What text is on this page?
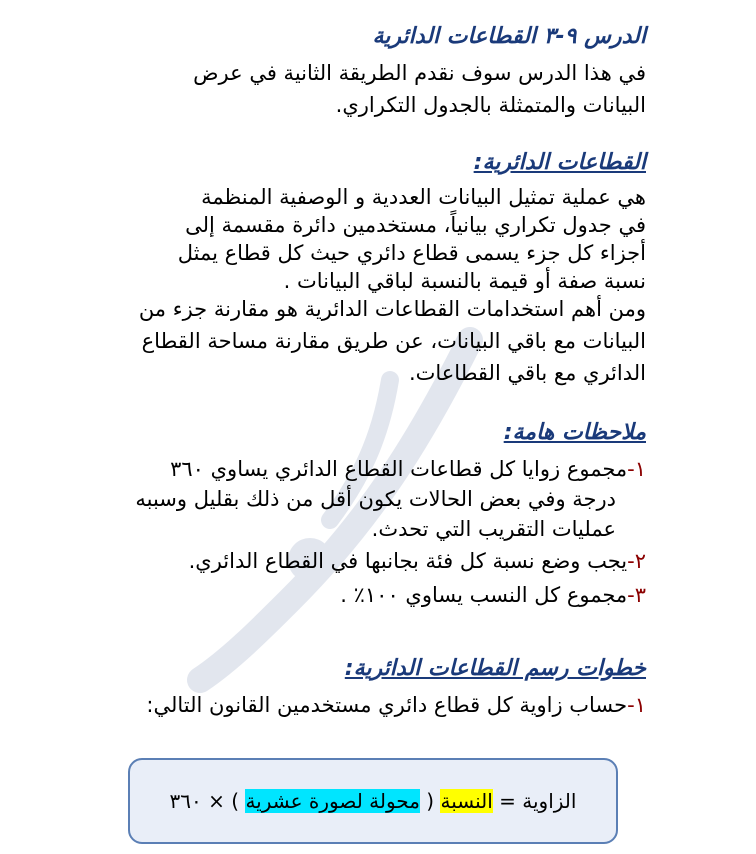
الدرس ٩-٣ القطاعات الدائرية
في هذا الدرس سوف نقدم الطريقة الثانية في عرض
البيانات والمتمثلة بالجدول التكراري.
القطاعات الدائرية:
هي عملية تمثيل البيانات العددية و الوصفية المنظمة
في جدول تكراري بيانياً، مستخدمين دائرة مقسمة إلى
أجزاء كل جزء يسمى قطاع دائري حيث كل قطاع يمثل
نسبة صفة أو قيمة بالنسبة لباقي البيانات .
ومن أهم استخدامات القطاعات الدائرية هو مقارنة جزء من
البيانات مع باقي البيانات، عن طريق مقارنة مساحة القطاع
الدائري مع باقي القطاعات.
ملاحظات هامة:
١-مجموع زوايا كل قطاعات القطاع الدائري يساوي ٣٦٠
درجة وفي بعض الحالات يكون أقل من ذلك بقليل وسببه
عمليات التقريب التي تحدث.
٢-يجب وضع نسبة كل فئة بجانبها في القطاع الدائري.
٣-مجموع كل النسب يساوي ١٠٠٪ .
خطوات رسم القطاعات الدائرية:
١-حساب زاوية كل قطاع دائري مستخدمين القانون التالي:
الزاوية = النسبة ( محولة لصورة عشرية ) × ٣٦٠
